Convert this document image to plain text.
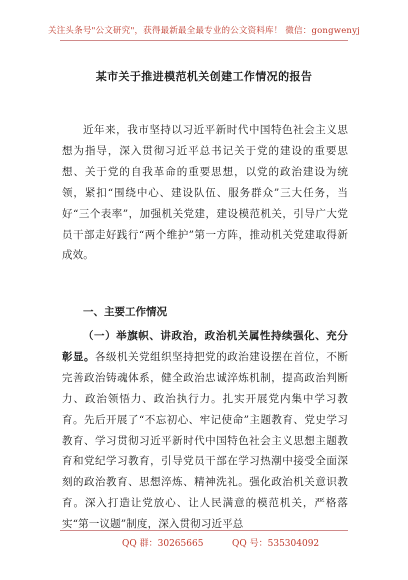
关注头条号"公文研究"，获得最新最全最专业的公文资料库！ 微信：gongwenyj
某市关于推进模范机关创建工作情况的报告

近年来，我市坚持以习近平新时代中国特色社会主义思想为指导，深入贯彻习近平总书记关于党的建设的重要思想、关于党的自我革命的重要思想，以党的政治建设为统领，紧扣“围绕中心、建设队伍、服务群众”三大任务，当好“三个表率”，加强机关党建，建设模范机关，引导广大党员干部走好践行“两个维护”第一方阵，推动机关党建取得新成效。

一、主要工作情况

（一）举旗帜、讲政治，政治机关属性持续强化、充分彰显。各级机关党组织坚持把党的政治建设摆在首位，不断完善政治铸魂体系，健全政治忠诚淬炼机制，提高政治判断力、政治领悟力、政治执行力。扎实开展党内集中学习教育。先后开展了“不忘初心、牢记使命”主题教育、党史学习教育、学习贯彻习近平新时代中国特色社会主义思想主题教育和党纪学习教育，引导党员干部在学习热潮中接受全面深刻的政治教育、思想淬炼、精神洗礼。强化政治机关意识教育。深入打造让党放心、让人民满意的模范机关，严格落实“第一议题”制度，深入贯彻习近平总

QQ 群：30265665	QQ 号：535304092
